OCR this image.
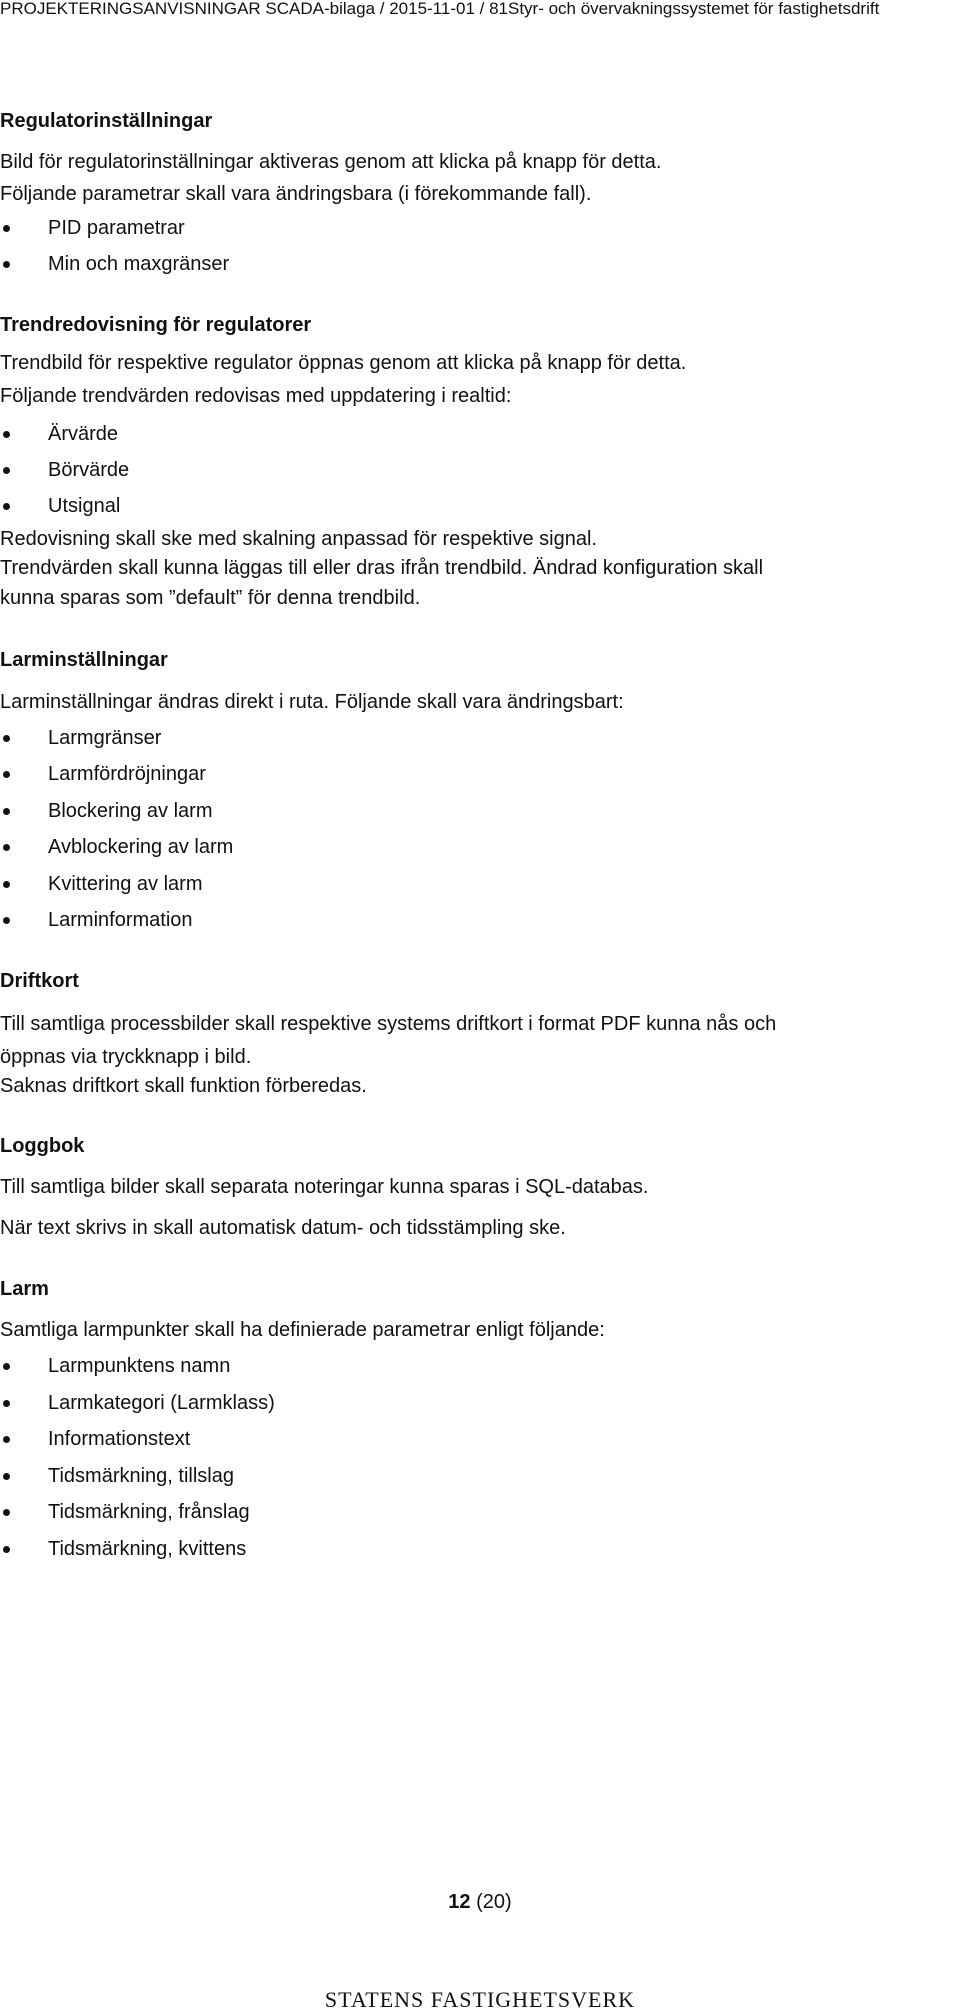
PROJEKTERINGSANVISNINGAR SCADA-bilaga / 2015-11-01 / 81Styr- och övervakningssystemet för fastighetsdrift
Regulatorinställningar
Bild för regulatorinställningar aktiveras genom att klicka på knapp för detta.
Följande parametrar skall vara ändringsbara (i förekommande fall).
PID parametrar
Min och maxgränser
Trendredovisning för regulatorer
Trendbild för respektive regulator öppnas genom att klicka på knapp för detta.
Följande trendvärden redovisas med uppdatering i realtid:
Ärvärde
Börvärde
Utsignal
Redovisning skall ske med skalning anpassad för respektive signal.
Trendvärden skall kunna läggas till eller dras ifrån trendbild. Ändrad konfiguration skall
kunna sparas som ”default” för denna trendbild.
Larminställningar
Larminställningar ändras direkt i ruta. Följande skall vara ändringsbart:
Larmgränser
Larmfördröjningar
Blockering av larm
Avblockering av larm
Kvittering av larm
Larminformation
Driftkort
Till samtliga processbilder skall respektive systems driftkort i format PDF kunna nås och
öppnas via tryckknapp i bild.
Saknas driftkort skall funktion förberedas.
Loggbok
Till samtliga bilder skall separata noteringar kunna sparas i SQL-databas.
När text skrivs in skall automatisk datum- och tidsstämpling ske.
Larm
Samtliga larmpunkter skall ha definierade parametrar enligt följande:
Larmpunktens namn
Larmkategori (Larmklass)
Informationstext
Tidsmärkning, tillslag
Tidsmärkning, frånslag
Tidsmärkning, kvittens
12 (20)
STATENS FASTIGHETSVERK
